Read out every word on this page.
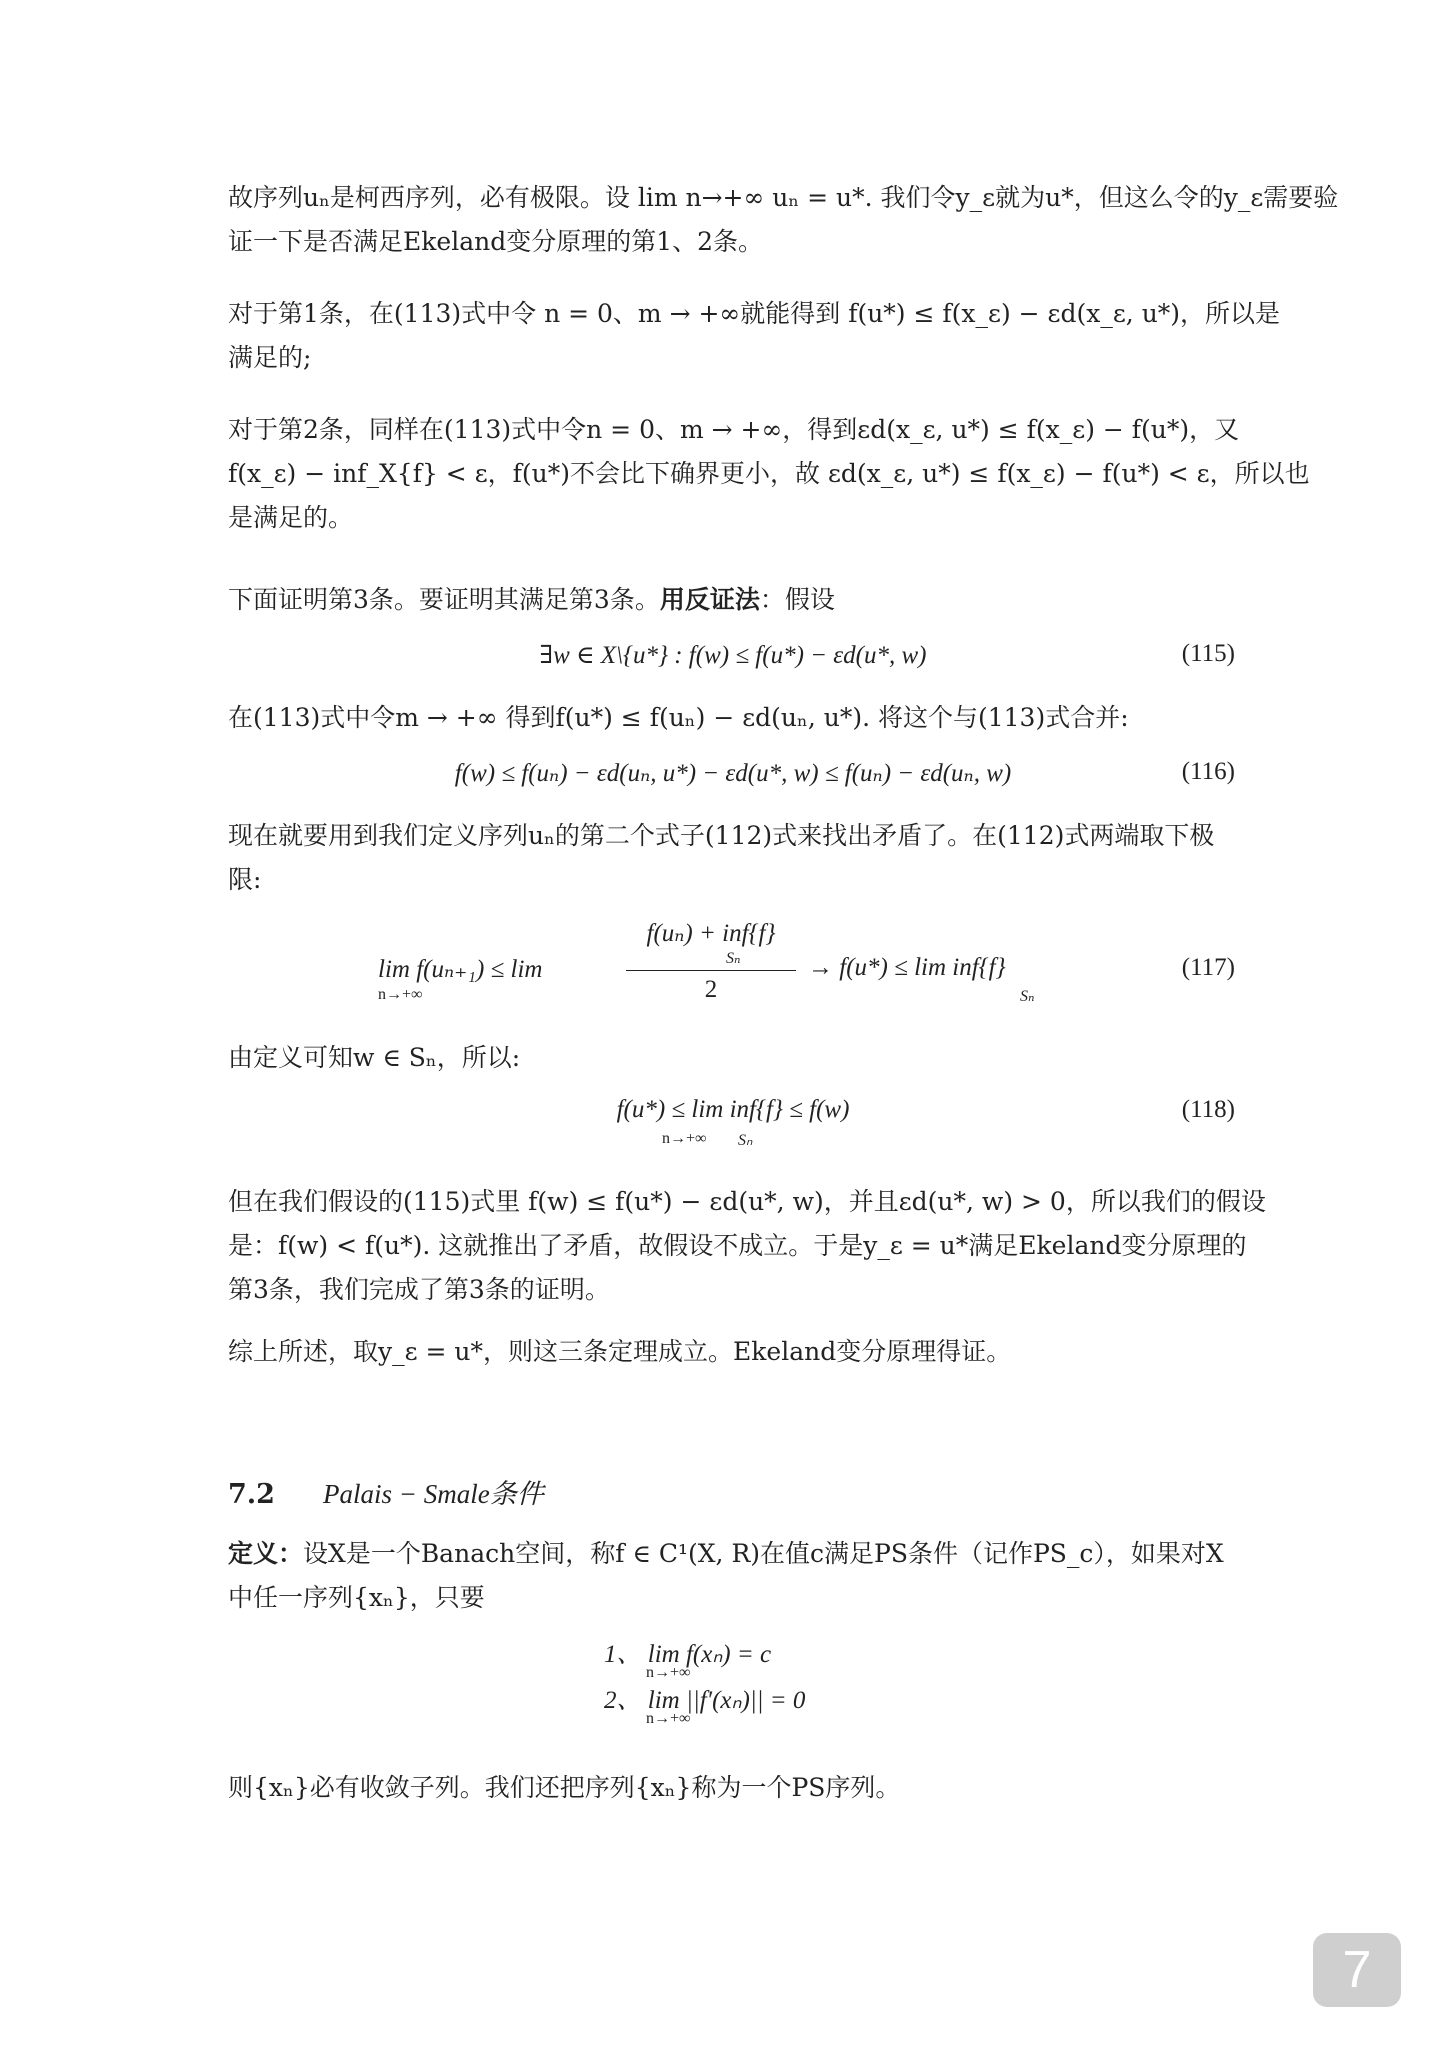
故序列uₙ是柯西序列，必有极限。设 lim n→+∞ uₙ = u*. 我们令y_ε就为u*，但这么令的y_ε需要验
证一下是否满足Ekeland变分原理的第1、2条。
对于第1条，在(113)式中令 n = 0、m → +∞就能得到 f(u*) ≤ f(x_ε) − εd(x_ε, u*)，所以是
满足的;
对于第2条，同样在(113)式中令n = 0、m → +∞，得到εd(x_ε, u*) ≤ f(x_ε) − f(u*)，又
f(x_ε) − inf_X{f} < ε，f(u*)不会比下确界更小，故 εd(x_ε, u*) ≤ f(x_ε) − f(u*) < ε，所以也
是满足的。
下面证明第3条。要证明其满足第3条。用反证法：假设
∃w ∈ X\{u*} : f(w) ≤ f(u*) − εd(u*, w)	(115)
在(113)式中令m → +∞ 得到f(u*) ≤ f(uₙ) − εd(uₙ, u*). 将这个与(113)式合并:
f(w) ≤ f(uₙ) − εd(uₙ, u*) − εd(u*, w) ≤ f(uₙ) − εd(uₙ, w)	(116)
现在就要用到我们定义序列uₙ的第二个式子(112)式来找出矛盾了。在(112)式两端取下极
限:
lim f(uₙ₊₁) ≤ lim
n→+∞
f(uₙ) + inf{f}
Sₙ
2
→ f(u*) ≤ lim inf{f}
Sₙ
(117)
由定义可知w ∈ Sₙ，所以:
f(u*) ≤ lim inf{f} ≤ f(w)
n→+∞ Sₙ
(118)
但在我们假设的(115)式里 f(w) ≤ f(u*) − εd(u*, w)，并且εd(u*, w) > 0，所以我们的假设
是：f(w) < f(u*). 这就推出了矛盾，故假设不成立。于是y_ε = u*满足Ekeland变分原理的
第3条，我们完成了第3条的证明。
综上所述，取y_ε = u*，则这三条定理成立。Ekeland变分原理得证。
7.2 Palais − Smale条件
定义：设X是一个Banach空间，称f ∈ C¹(X, R)在值c满足PS条件（记作PS_c），如果对X
中任一序列{xₙ}，只要
1、 lim f(xₙ) = c
n→+∞
2、 lim ||f′(xₙ)|| = 0
n→+∞
则{xₙ}必有收敛子列。我们还把序列{xₙ}称为一个PS序列。
7
